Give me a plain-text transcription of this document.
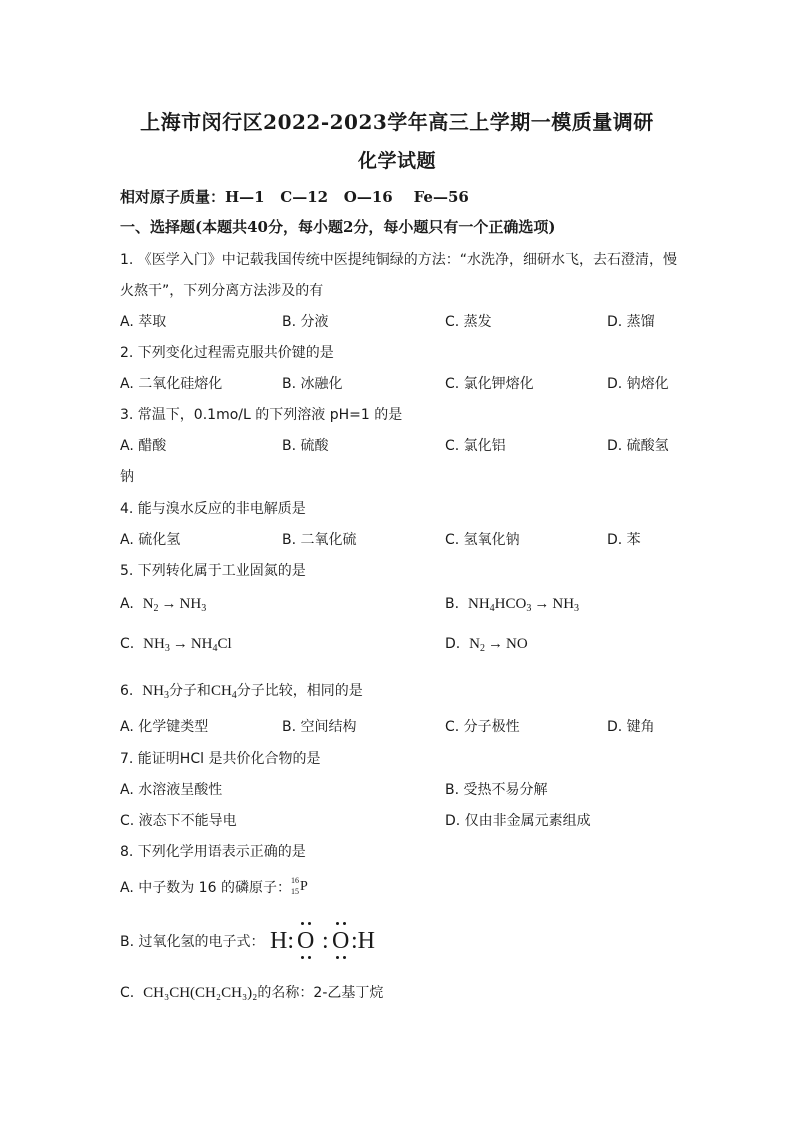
上海市闵行区2022-2023学年高三上学期一模质量调研
化学试题
相对原子质量：H—1   C—12   O—16    Fe—56
一、选择题(本题共40分，每小题2分，每小题只有一个正确选项)
1. 《医学入门》中记载我国传统中医提纯铜绿的方法：“水洗净，细研水飞，去石澄清，慢
火熬干”，下列分离方法涉及的有
A. 萃取	B. 分液	C. 蒸发	D. 蒸馏
2. 下列变化过程需克服共价键的是
A. 二氧化硅熔化	B. 冰融化	C. 氯化钾熔化	D. 钠熔化
3. 常温下，0.1mo/L 的下列溶液 pH=1 的是
A. 醋酸	B. 硫酸	C. 氯化铝	D. 硫酸氢
钠
4. 能与溴水反应的非电解质是
A. 硫化氢	B. 二氧化硫	C. 氢氧化钠	D. 苯
5. 下列转化属于工业固氮的是
A. $N_2 \to NH_3$	B. $NH_4HCO_3 \to NH_3$
C. $NH_3 \to NH_4Cl$	D. $N_2$ → NO
6. $NH_3$分子和$CH_4$分子比较，相同的是
A. 化学键类型	B. 空间结构	C. 分子极性	D. 键角
7. 能证明HCl 是共价化合物的是
A. 水溶液呈酸性	B. 受热不易分解
C. 液态下不能导电	D. 仅由非金属元素组成
8. 下列化学用语表示正确的是
A. 中子数为 16 的磷原子： 16
15 P
B. 过氧化氢的电子式： H: O : O :H
C. CH₃CH(CH₂CH₃)₂的名称：2-乙基丁烷
